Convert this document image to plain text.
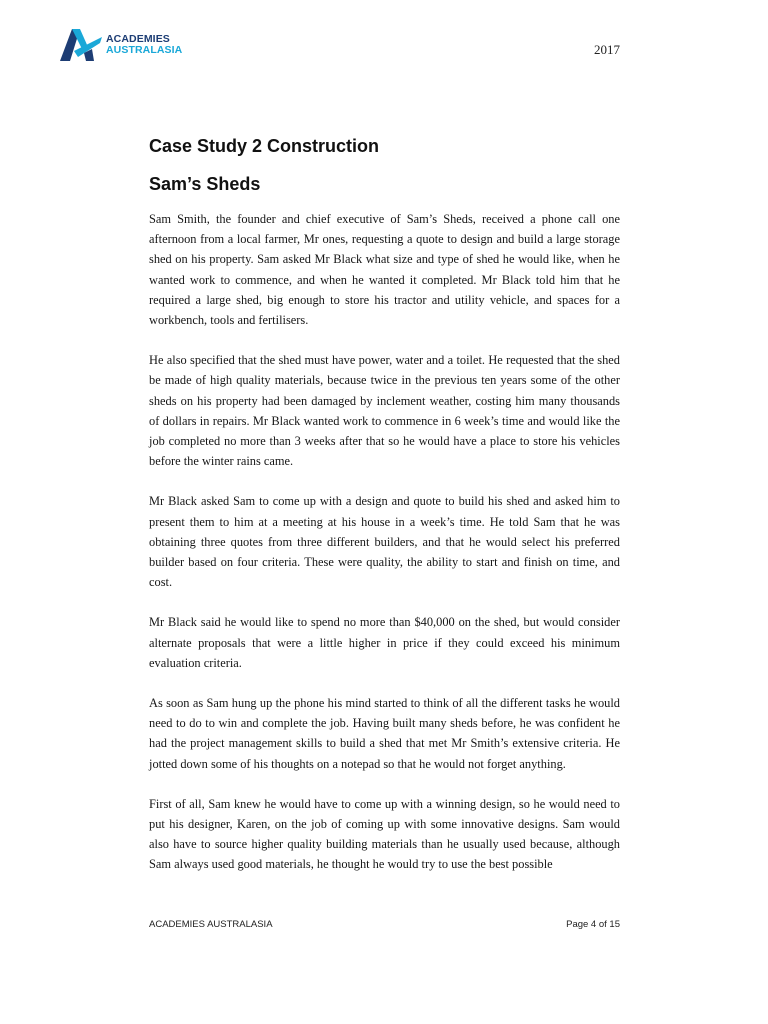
ACADEMIES
AUSTRALASIA	2017
Case Study 2 Construction
Sam’s Sheds

Sam Smith, the founder and chief executive of Sam’s Sheds, received a phone call one afternoon from a local farmer, Mr ones, requesting a quote to design and build a large storage shed on his property. Sam asked Mr Black what size and type of shed he would like, when he wanted work to commence, and when he wanted it completed. Mr Black told him that he required a large shed, big enough to store his tractor and utility vehicle, and spaces for a workbench, tools and fertilisers.

He also specified that the shed must have power, water and a toilet. He requested that the shed be made of high quality materials, because twice in the previous ten years some of the other sheds on his property had been damaged by inclement weather, costing him many thousands of dollars in repairs. Mr Black wanted work to commence in 6 week’s time and would like the job completed no more than 3 weeks after that so he would have a place to store his vehicles before the winter rains came.

Mr Black asked Sam to come up with a design and quote to build his shed and asked him to present them to him at a meeting at his house in a week’s time. He told Sam that he was obtaining three quotes from three different builders, and that he would select his preferred builder based on four criteria. These were quality, the ability to start and finish on time, and cost.

Mr Black said he would like to spend no more than $40,000 on the shed, but would consider alternate proposals that were a little higher in price if they could exceed his minimum evaluation criteria.

As soon as Sam hung up the phone his mind started to think of all the different tasks he would need to do to win and complete the job. Having built many sheds before, he was confident he had the project management skills to build a shed that met Mr Smith’s extensive criteria. He jotted down some of his thoughts on a notepad so that he would not forget anything.

First of all, Sam knew he would have to come up with a winning design, so he would need to put his designer, Karen, on the job of coming up with some innovative designs. Sam would also have to source higher quality building materials than he usually used because, although Sam always used good materials, he thought he would try to use the best possible

ACADEMIES AUSTRALASIA	Page 4 of 15
